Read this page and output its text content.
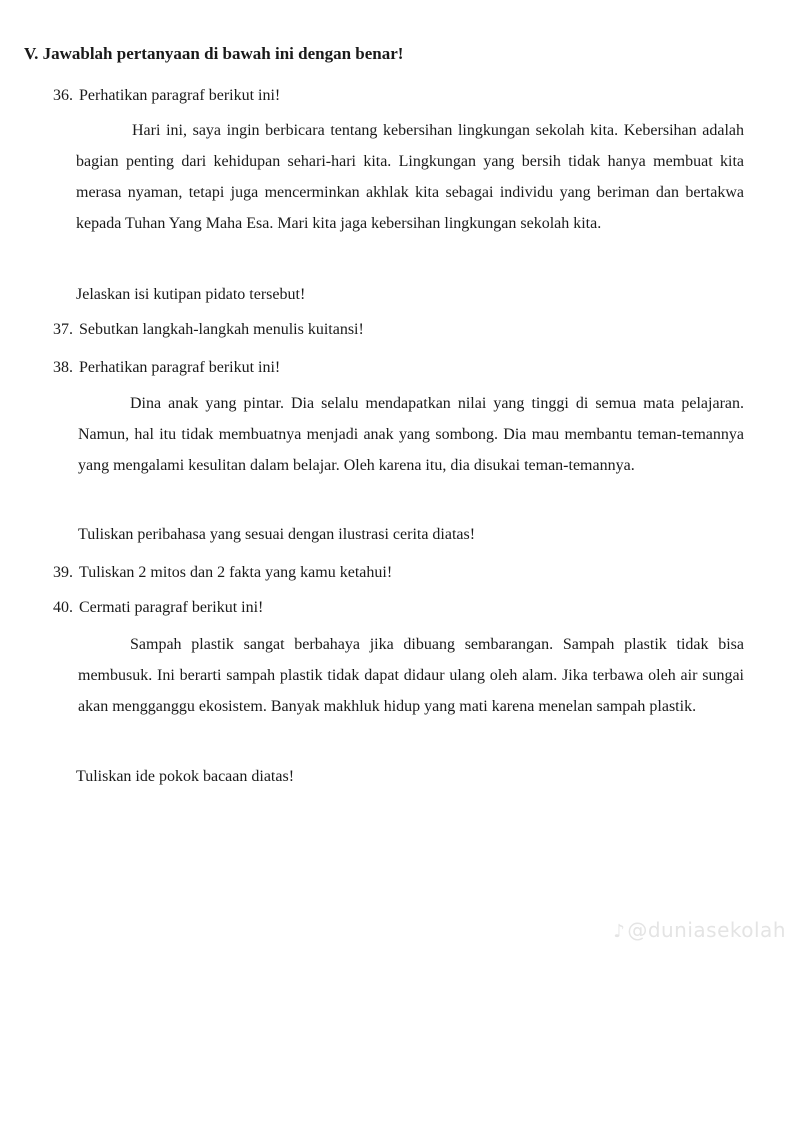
V. Jawablah pertanyaan di bawah ini dengan benar!
36. Perhatikan paragraf berikut ini!

Hari ini, saya ingin berbicara tentang kebersihan lingkungan sekolah kita. Kebersihan adalah bagian penting dari kehidupan sehari-hari kita. Lingkungan yang bersih tidak hanya membuat kita merasa nyaman, tetapi juga mencerminkan akhlak kita sebagai individu yang beriman dan bertakwa kepada Tuhan Yang Maha Esa. Mari kita jaga kebersihan lingkungan sekolah kita.

Jelaskan isi kutipan pidato tersebut!
37. Sebutkan langkah-langkah menulis kuitansi!
38. Perhatikan paragraf berikut ini!

Dina anak yang pintar. Dia selalu mendapatkan nilai yang tinggi di semua mata pelajaran. Namun, hal itu tidak membuatnya menjadi anak yang sombong. Dia mau membantu teman-temannya yang mengalami kesulitan dalam belajar. Oleh karena itu, dia disukai teman-temannya.

Tuliskan peribahasa yang sesuai dengan ilustrasi cerita diatas!
39. Tuliskan 2 mitos dan 2 fakta yang kamu ketahui!
40. Cermati paragraf berikut ini!

Sampah plastik sangat berbahaya jika dibuang sembarangan. Sampah plastik tidak bisa membusuk. Ini berarti sampah plastik tidak dapat didaur ulang oleh alam. Jika terbawa oleh air sungai akan mengganggu ekosistem. Banyak makhluk hidup yang mati karena menelan sampah plastik.

Tuliskan ide pokok bacaan diatas!
♪ @duniasekolah
